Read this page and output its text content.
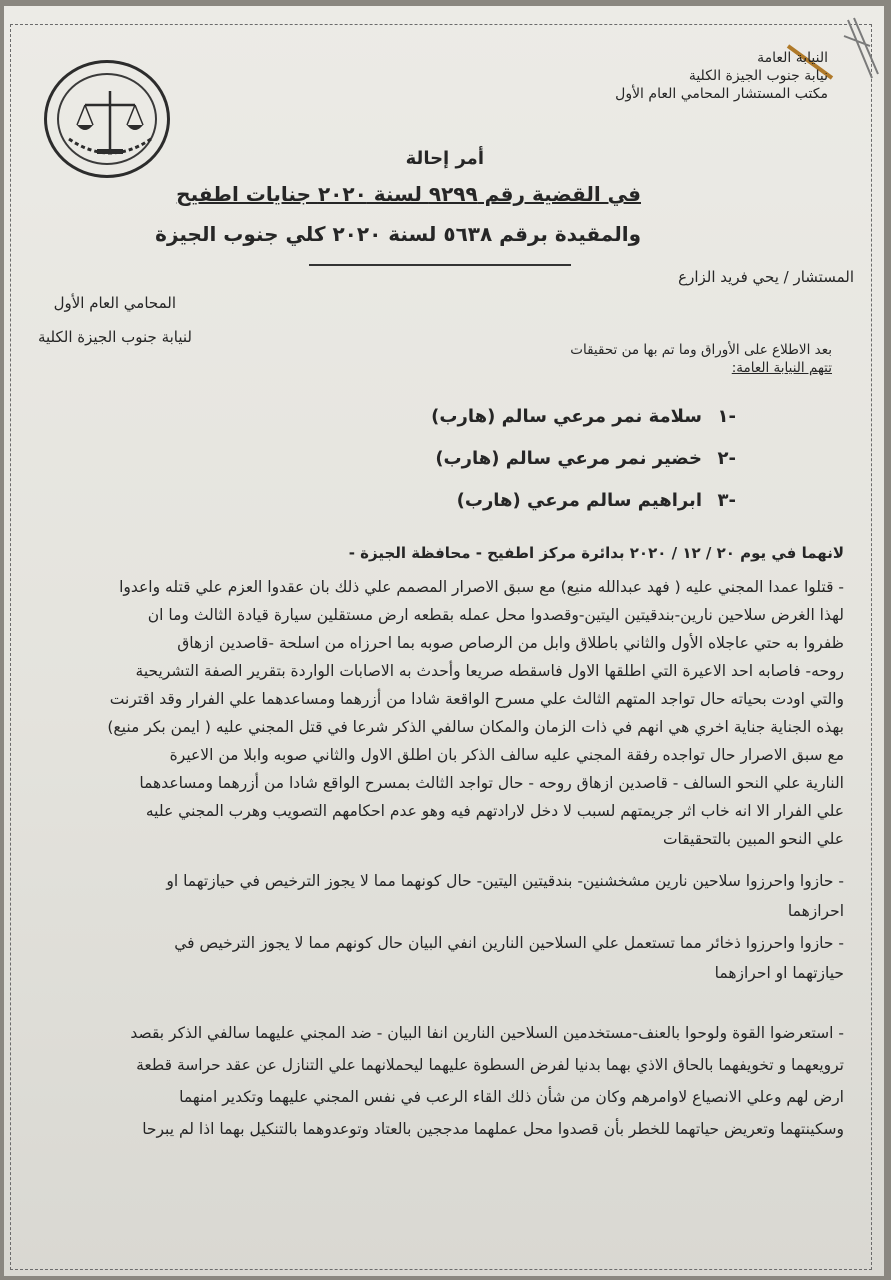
النيابة العامة
نيابة جنوب الجيزة الكلية
مكتب المستشار المحامي العام الأول
أمر إحالة
في القضية رقم ٩٢٩٩ لسنة ٢٠٢٠ جنايات اطفيح
والمقيدة برقم ٥٦٣٨ لسنة ٢٠٢٠ كلي جنوب الجيزة
المستشار / يحي فريد الزارع
المحامي العام الأول
لنيابة جنوب الجيزة الكلية
بعد الاطلاع على الأوراق وما تم بها من تحقيقات
تتهم النيابة العامة:
١-
سلامة نمر مرعي سالم (هارب)
٢-
خضير نمر مرعي سالم (هارب)
٣-
ابراهيم سالم مرعي (هارب)
لانهما في يوم ٢٠ / ١٢ / ٢٠٢٠ بدائرة مركز اطفيح - محافظة الجيزة -
- قتلوا عمدا المجني عليه ( فهد عبدالله منيع) مع سبق الاصرار المصمم علي ذلك بان عقدوا العزم علي قتله واعدوا
لهذا الغرض سلاحين نارين-بندقيتين اليتين-وقصدوا محل عمله بقطعه ارض مستقلين سيارة قيادة الثالث وما ان
ظفروا به حتي عاجلاه الأول والثاني باطلاق وابل من الرصاص صوبه بما احرزاه من اسلحة -قاصدين ازهاق
روحه- فاصابه احد الاعيرة التي اطلقها الاول فاسقطه صريعا وأحدث به الاصابات الواردة بتقرير الصفة التشريحية
والتي اودت بحياته حال تواجد المتهم الثالث علي مسرح الواقعة شادا من أزرهما ومساعدهما علي الفرار وقد اقترنت
بهذه الجناية جناية اخري هي انهم في ذات الزمان والمكان سالفي الذكر شرعا في قتل المجني عليه ( ايمن بكر منيع)
مع سبق الاصرار حال تواجده رفقة المجني عليه سالف الذكر بان اطلق الاول والثاني صوبه وابلا من الاعيرة
النارية علي النحو السالف - قاصدين ازهاق روحه - حال تواجد الثالث بمسرح الواقع شادا من أزرهما ومساعدهما
علي الفرار الا انه خاب اثر جريمتهم لسبب لا دخل لارادتهم فيه وهو عدم احكامهم التصويب وهرب المجني عليه
علي النحو المبين بالتحقيقات
- حازوا واحرزوا سلاحين نارين مشخشنين- بندقيتين اليتين- حال كونهما مما لا يجوز الترخيص في حيازتهما او
احرازهما
- حازوا واحرزوا ذخائر مما تستعمل علي السلاحين النارين انفي البيان حال كونهم مما لا يجوز الترخيص في
حيازتهما او احرازهما
- استعرضوا القوة ولوحوا بالعنف-مستخدمين السلاحين النارين انفا البيان - ضد المجني عليهما سالفي الذكر بقصد
ترويعهما و تخويفهما بالحاق الاذي بهما بدنيا لفرض السطوة عليهما ليحملانهما علي التنازل عن عقد حراسة قطعة
ارض لهم وعلي الانصياع لاوامرهم وكان من شأن ذلك القاء الرعب في نفس المجني عليهما وتكدير امنهما
وسكينتهما وتعريض حياتهما للخطر بأن قصدوا محل عملهما مدججين بالعتاد وتوعدوهما بالتنكيل بهما اذا لم يبرحا
